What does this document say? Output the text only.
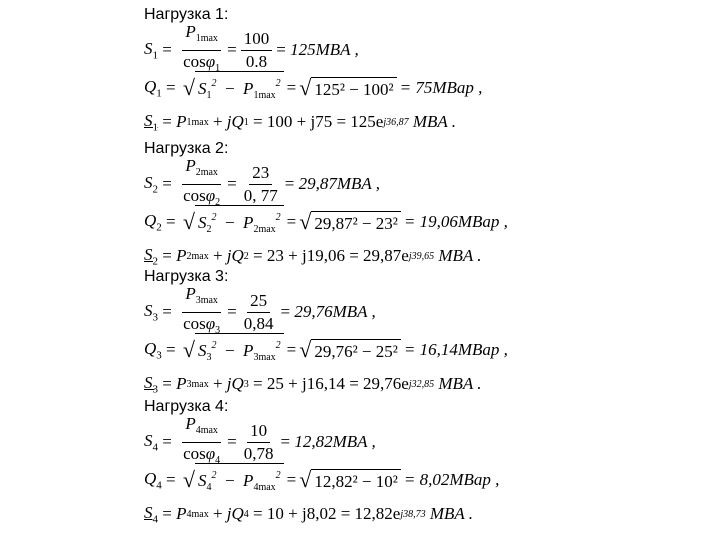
Нагрузка 1:
$S_1 = \frac{P_{1max}}{\cos\varphi_1} = \frac{100}{0.8} = 125MBA$ ,
$Q_1$ = √ $S_1^2 - P_{1max}^2$ = √ 125² − 100² = 75MBap ,
$S_1 = P$ 1max + jQ 1
= 100 + j75 = 125e j36,87
MBA .
Нагрузка 2:
$S_2 = \frac{P_{2max}}{\cos\varphi_2} = \frac{23}{0, 77} = 29,87MBA$ ,
$Q_2$ = √ $S_2^2 - P_{2max}^2$ = √ 29,87² − 23² = 19,06MBap ,
$S_2 = P$ 2max + jQ 2
= 23 + j19,06 = 29,87e j39,65
MBA .
Нагрузка 3:
$S_3 = \frac{P_{3max}}{\cos\varphi_3} = \frac{25}{0,84} = 29,76MBA$ ,
$Q_3$ = √ $S_3^2 - P_{3max}^2$ = √ 29,76² − 25² = 16,14MBap ,
$S_3 = P$ 3max + jQ 3
= 25 + j16,14 = 29,76e j32,85
MBA .
Нагрузка 4:
$S_4 = \frac{P_{4max}}{\cos\varphi_4} = \frac{10}{0,78} = 12,82MBA$ ,
$Q_4$ = √ $S_4^2 - P_{4max}^2$ = √ 12,82² − 10² = 8,02MBap ,
$S_4 = P$ 4max + jQ 4
= 10 + j8,02 = 12,82e j38,73
MBA .
